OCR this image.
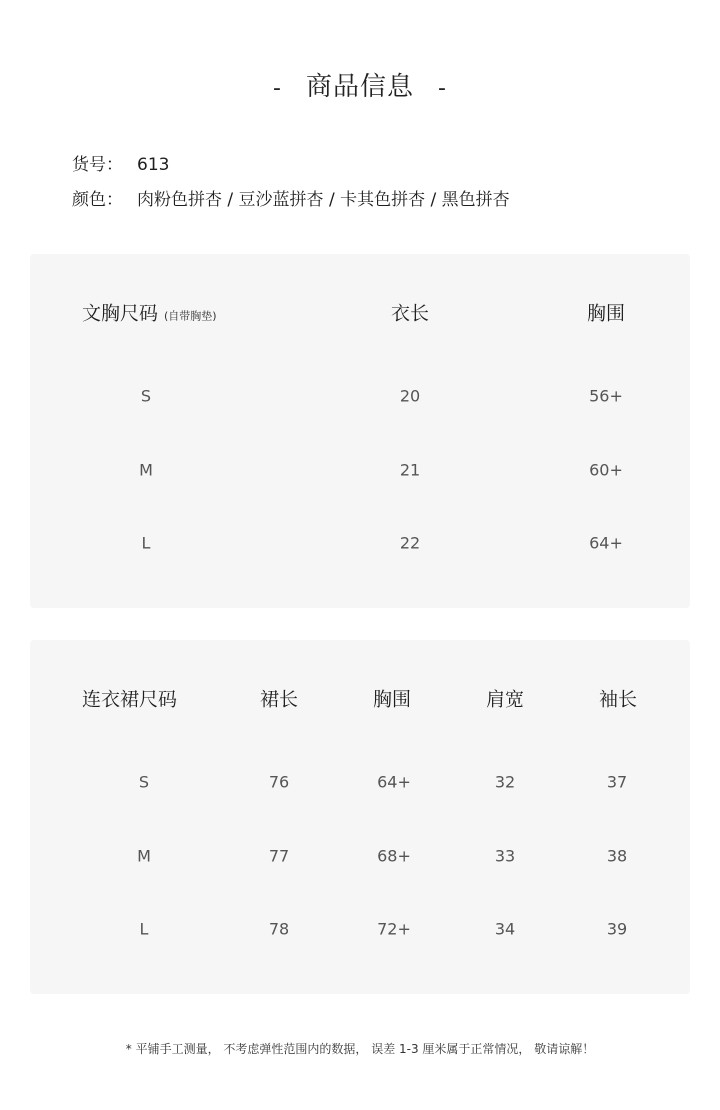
- 商品信息 -
货号： 613
颜色： 肉粉色拼杏 / 豆沙蓝拼杏 / 卡其色拼杏 / 黑色拼杏
文胸尺码 (自带胸垫)	衣长	胸围
S	20	56+
M	21	60+
L	22	64+
连衣裙尺码	裙长	胸围	肩宽	袖长
S	76	64+	32	37
M	77	68+	33	38
L	78	72+	34	39
* 平铺手工测量， 不考虑弹性范围内的数据， 误差 1-3 厘米属于正常情况， 敬请谅解！
